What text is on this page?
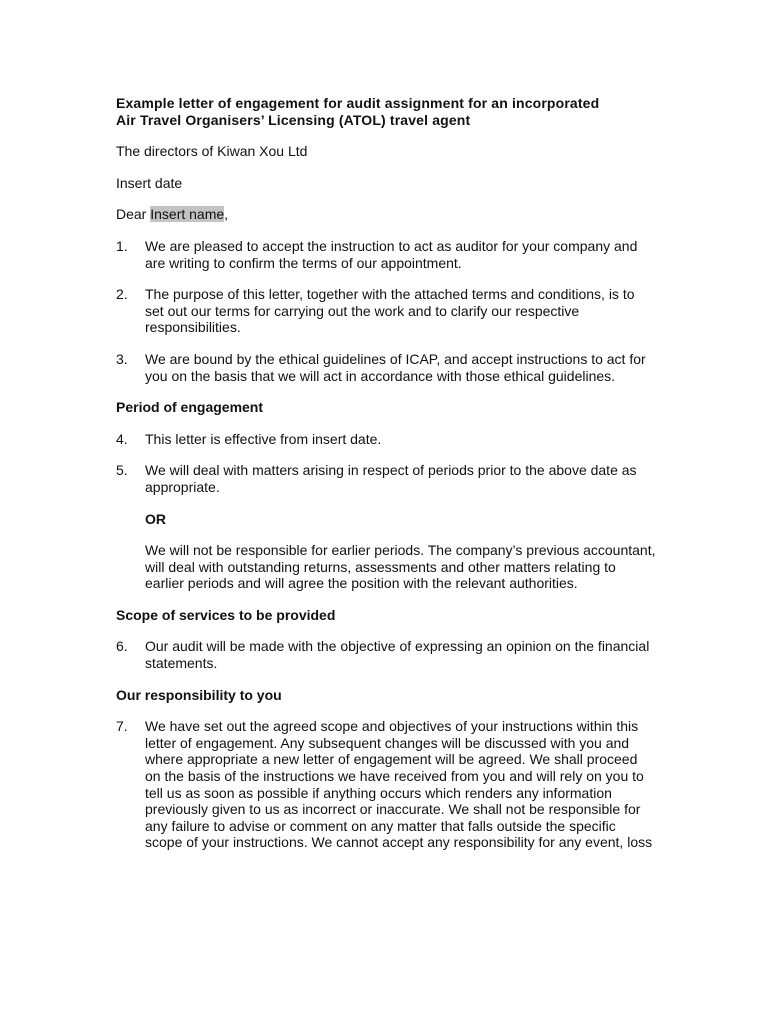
Example letter of engagement for audit assignment for an incorporated
Air Travel Organisers’ Licensing (ATOL) travel agent
The directors of Kiwan Xou Ltd
Insert date
Dear Insert name,
1.	We are pleased to accept the instruction to act as auditor for your company and are writing to confirm the terms of our appointment.
2.	The purpose of this letter, together with the attached terms and conditions, is to set out our terms for carrying out the work and to clarify our respective responsibilities.
3.	We are bound by the ethical guidelines of ICAP, and accept instructions to act for you on the basis that we will act in accordance with those ethical guidelines.
Period of engagement
4.	This letter is effective from insert date.
5.	We will deal with matters arising in respect of periods prior to the above date as appropriate.
OR
We will not be responsible for earlier periods. The company’s previous accountant, will deal with outstanding returns, assessments and other matters relating to earlier periods and will agree the position with the relevant authorities.
Scope of services to be provided
6.	Our audit will be made with the objective of expressing an opinion on the financial statements.
Our responsibility to you
7.	We have set out the agreed scope and objectives of your instructions within this letter of engagement. Any subsequent changes will be discussed with you and where appropriate a new letter of engagement will be agreed. We shall proceed on the basis of the instructions we have received from you and will rely on you to tell us as soon as possible if anything occurs which renders any information previously given to us as incorrect or inaccurate. We shall not be responsible for any failure to advise or comment on any matter that falls outside the specific scope of your instructions. We cannot accept any responsibility for any event, loss
